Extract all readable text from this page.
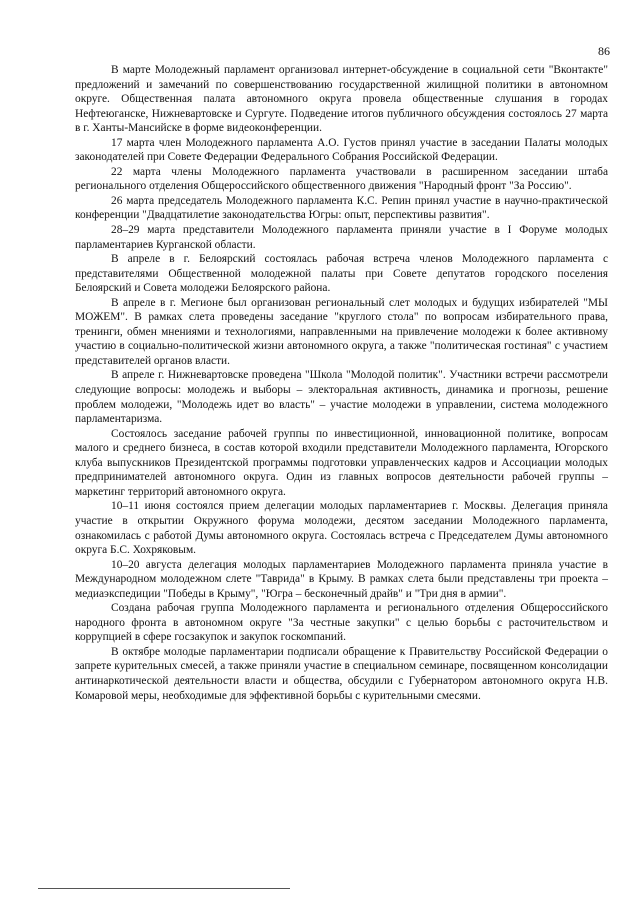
86

В марте Молодежный парламент организовал интернет-обсуждение в социальной сети "Вконтакте" предложений и замечаний по совершенствованию государственной жилищной политики в автономном округе. Общественная палата автономного округа провела общественные слушания в городах Нефтеюганске, Нижневартовске и Сургуте. Подведение итогов публичного обсуждения состоялось 27 марта в г. Ханты-Мансийске в форме видеоконференции.

17 марта член Молодежного парламента А.О. Густов принял участие в заседании Палаты молодых законодателей при Совете Федерации Федерального Собрания Российской Федерации.

22 марта члены Молодежного парламента участвовали в расширенном заседании штаба регионального отделения Общероссийского общественного движения "Народный фронт "За Россию".

26 марта председатель Молодежного парламента К.С. Репин принял участие в научно-практической конференции "Двадцатилетие законодательства Югры: опыт, перспективы развития".

28–29 марта представители Молодежного парламента приняли участие в I Форуме молодых парламентариев Курганской области.

В апреле в г. Белоярский состоялась рабочая встреча членов Молодежного парламента с представителями Общественной молодежной палаты при Совете депутатов городского поселения Белоярский и Совета молодежи Белоярского района.

В апреле в г. Мегионе был организован региональный слет молодых и будущих избирателей "МЫ МОЖЕМ". В рамках слета проведены заседание "круглого стола" по вопросам избирательного права, тренинги, обмен мнениями и технологиями, направленными на привлечение молодежи к более активному участию в социально-политической жизни автономного округа, а также "политическая гостиная" с участием представителей органов власти.

В апреле г. Нижневартовске проведена "Школа "Молодой политик". Участники встречи рассмотрели следующие вопросы: молодежь и выборы – электоральная активность, динамика и прогнозы, решение проблем молодежи, "Молодежь идет во власть" – участие молодежи в управлении, система молодежного парламентаризма.

Состоялось заседание рабочей группы по инвестиционной, инновационной политике, вопросам малого и среднего бизнеса, в состав которой входили представители Молодежного парламента, Югорского клуба выпускников Президентской программы подготовки управленческих кадров и Ассоциации молодых предпринимателей автономного округа. Один из главных вопросов деятельности рабочей группы – маркетинг территорий автономного округа.

10–11 июня состоялся прием делегации молодых парламентариев г. Москвы. Делегация приняла участие в открытии Окружного форума молодежи, десятом заседании Молодежного парламента, ознакомилась с работой Думы автономного округа. Состоялась встреча с Председателем Думы автономного округа Б.С. Хохряковым.

10–20 августа делегация молодых парламентариев Молодежного парламента приняла участие в Международном молодежном слете "Таврида" в Крыму. В рамках слета были представлены три проекта – медиаэкспедиции "Победы в Крыму", "Югра – бесконечный драйв" и "Три дня в армии".

Создана рабочая группа Молодежного парламента и регионального отделения Общероссийского народного фронта в автономном округе "За честные закупки" с целью борьбы с расточительством и коррупцией в сфере госзакупок и закупок госкомпаний.

В октябре молодые парламентарии подписали обращение к Правительству Российской Федерации о запрете курительных смесей, а также приняли участие в специальном семинаре, посвященном консолидации антинаркотической деятельности власти и общества, обсудили с Губернатором автономного округа Н.В. Комаровой меры, необходимые для эффективной борьбы с курительными смесями.
